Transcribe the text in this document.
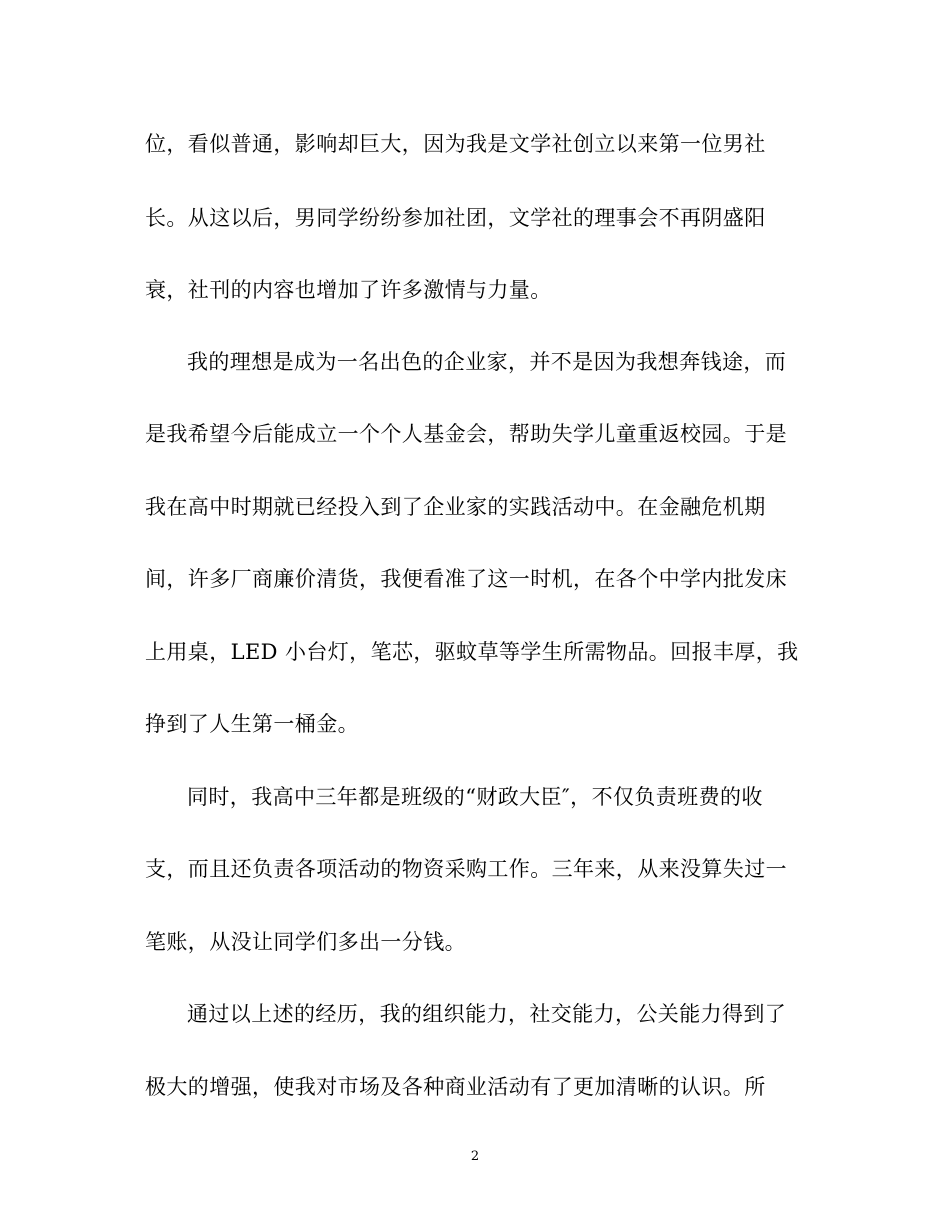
位，看似普通，影响却巨大，因为我是文学社创立以来第一位男社
长。从这以后，男同学纷纷参加社团，文学社的理事会不再阴盛阳
衰，社刊的内容也增加了许多激情与力量。
我的理想是成为一名出色的企业家，并不是因为我想奔钱途，而
是我希望今后能成立一个个人基金会，帮助失学儿童重返校园。于是
我在高中时期就已经投入到了企业家的实践活动中。在金融危机期
间，许多厂商廉价清货，我便看准了这一时机，在各个中学内批发床
上用桌，LED 小台灯，笔芯，驱蚊草等学生所需物品。回报丰厚，我
挣到了人生第一桶金。
同时，我高中三年都是班级的“财政大臣″，不仅负责班费的收
支，而且还负责各项活动的物资采购工作。三年来，从来没算失过一
笔账，从没让同学们多出一分钱。
通过以上述的经历，我的组织能力，社交能力，公关能力得到了
极大的增强，使我对市场及各种商业活动有了更加清晰的认识。所
2
